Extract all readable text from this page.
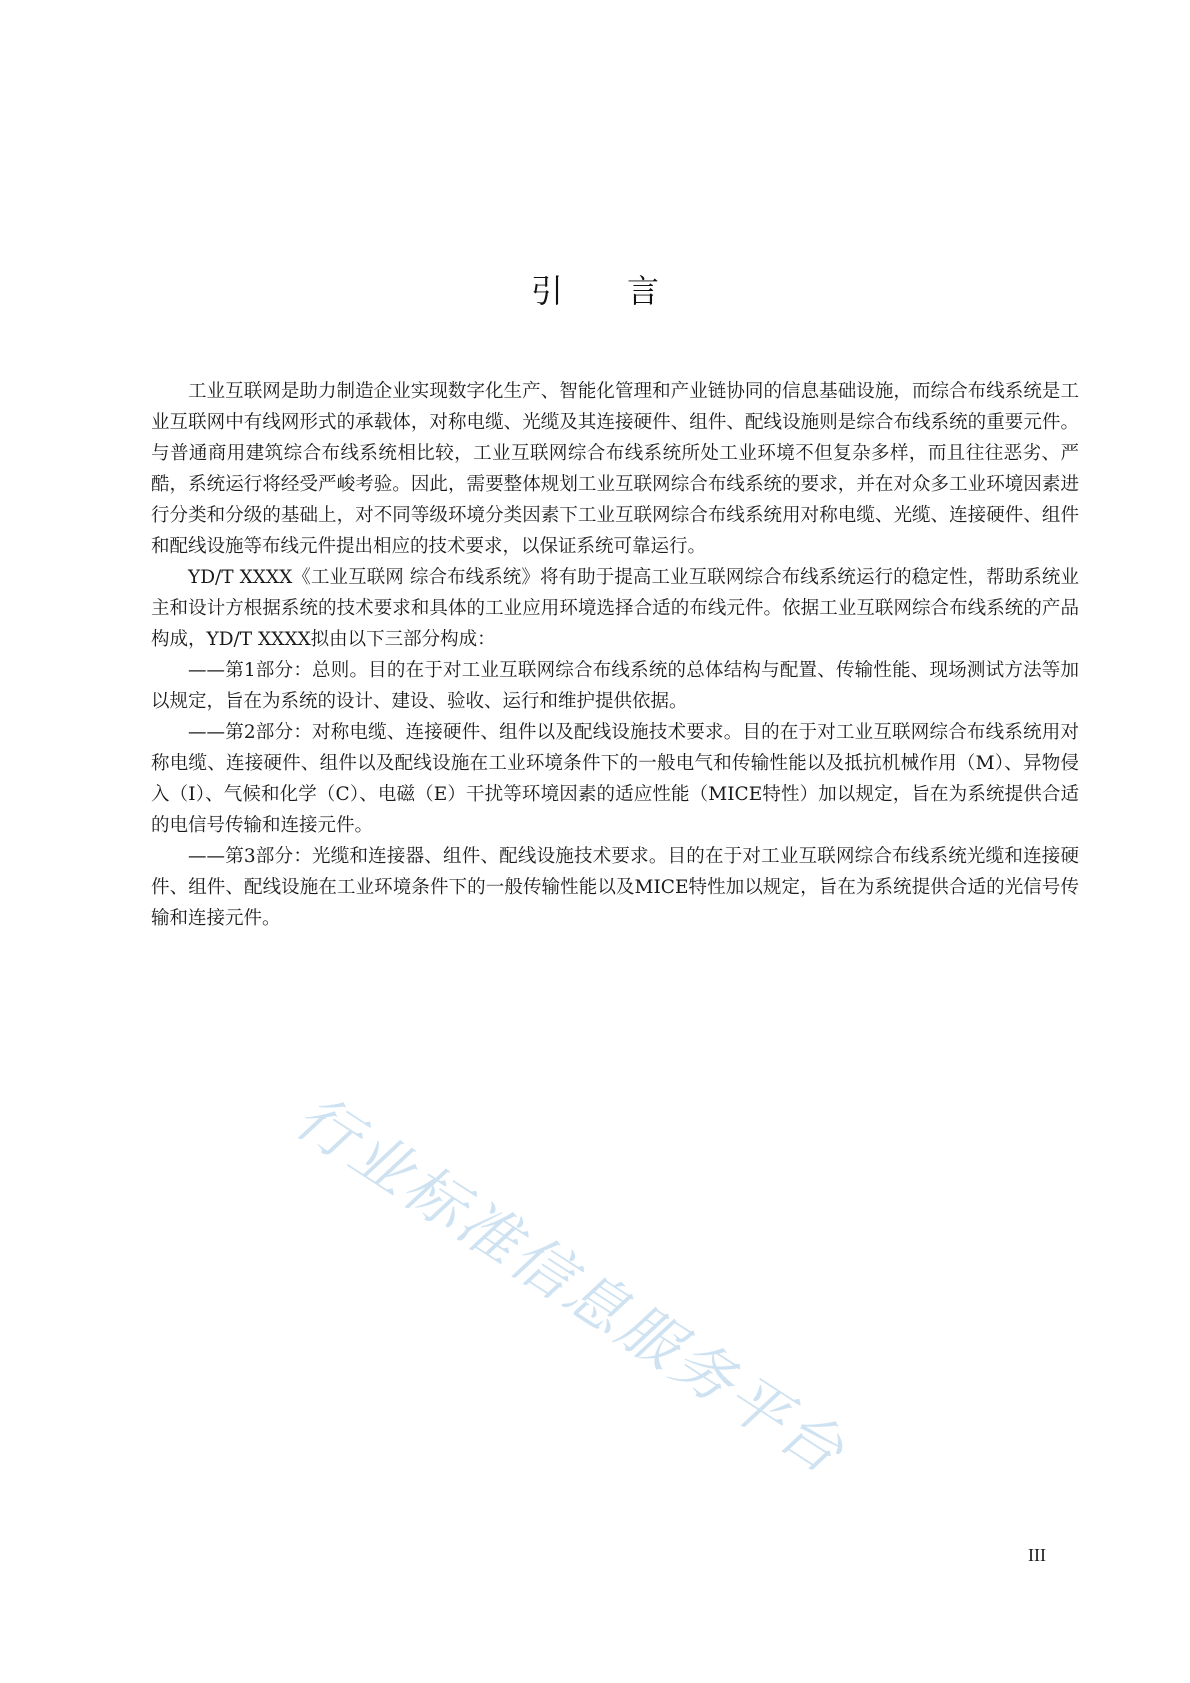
引 言

工业互联网是助力制造企业实现数字化生产、智能化管理和产业链协同的信息基础设施，而综合布线系统是工业互联网中有线网形式的承载体，对称电缆、光缆及其连接硬件、组件、配线设施则是综合布线系统的重要元件。与普通商用建筑综合布线系统相比较，工业互联网综合布线系统所处工业环境不但复杂多样，而且往往恶劣、严酷，系统运行将经受严峻考验。因此，需要整体规划工业互联网综合布线系统的要求，并在对众多工业环境因素进行分类和分级的基础上，对不同等级环境分类因素下工业互联网综合布线系统用对称电缆、光缆、连接硬件、组件和配线设施等布线元件提出相应的技术要求，以保证系统可靠运行。

YD/T XXXX《工业互联网 综合布线系统》将有助于提高工业互联网综合布线系统运行的稳定性，帮助系统业主和设计方根据系统的技术要求和具体的工业应用环境选择合适的布线元件。依据工业互联网综合布线系统的产品构成，YD/T XXXX拟由以下三部分构成：

——第1部分：总则。目的在于对工业互联网综合布线系统的总体结构与配置、传输性能、现场测试方法等加以规定，旨在为系统的设计、建设、验收、运行和维护提供依据。

——第2部分：对称电缆、连接硬件、组件以及配线设施技术要求。目的在于对工业互联网综合布线系统用对称电缆、连接硬件、组件以及配线设施在工业环境条件下的一般电气和传输性能以及抵抗机械作用（M）、异物侵入（I）、气候和化学（C）、电磁（E）干扰等环境因素的适应性能（MICE特性）加以规定，旨在为系统提供合适的电信号传输和连接元件。

——第3部分：光缆和连接器、组件、配线设施技术要求。目的在于对工业互联网综合布线系统光缆和连接硬件、组件、配线设施在工业环境条件下的一般传输性能以及MICE特性加以规定，旨在为系统提供合适的光信号传输和连接元件。

行业标准信息服务平台
III
